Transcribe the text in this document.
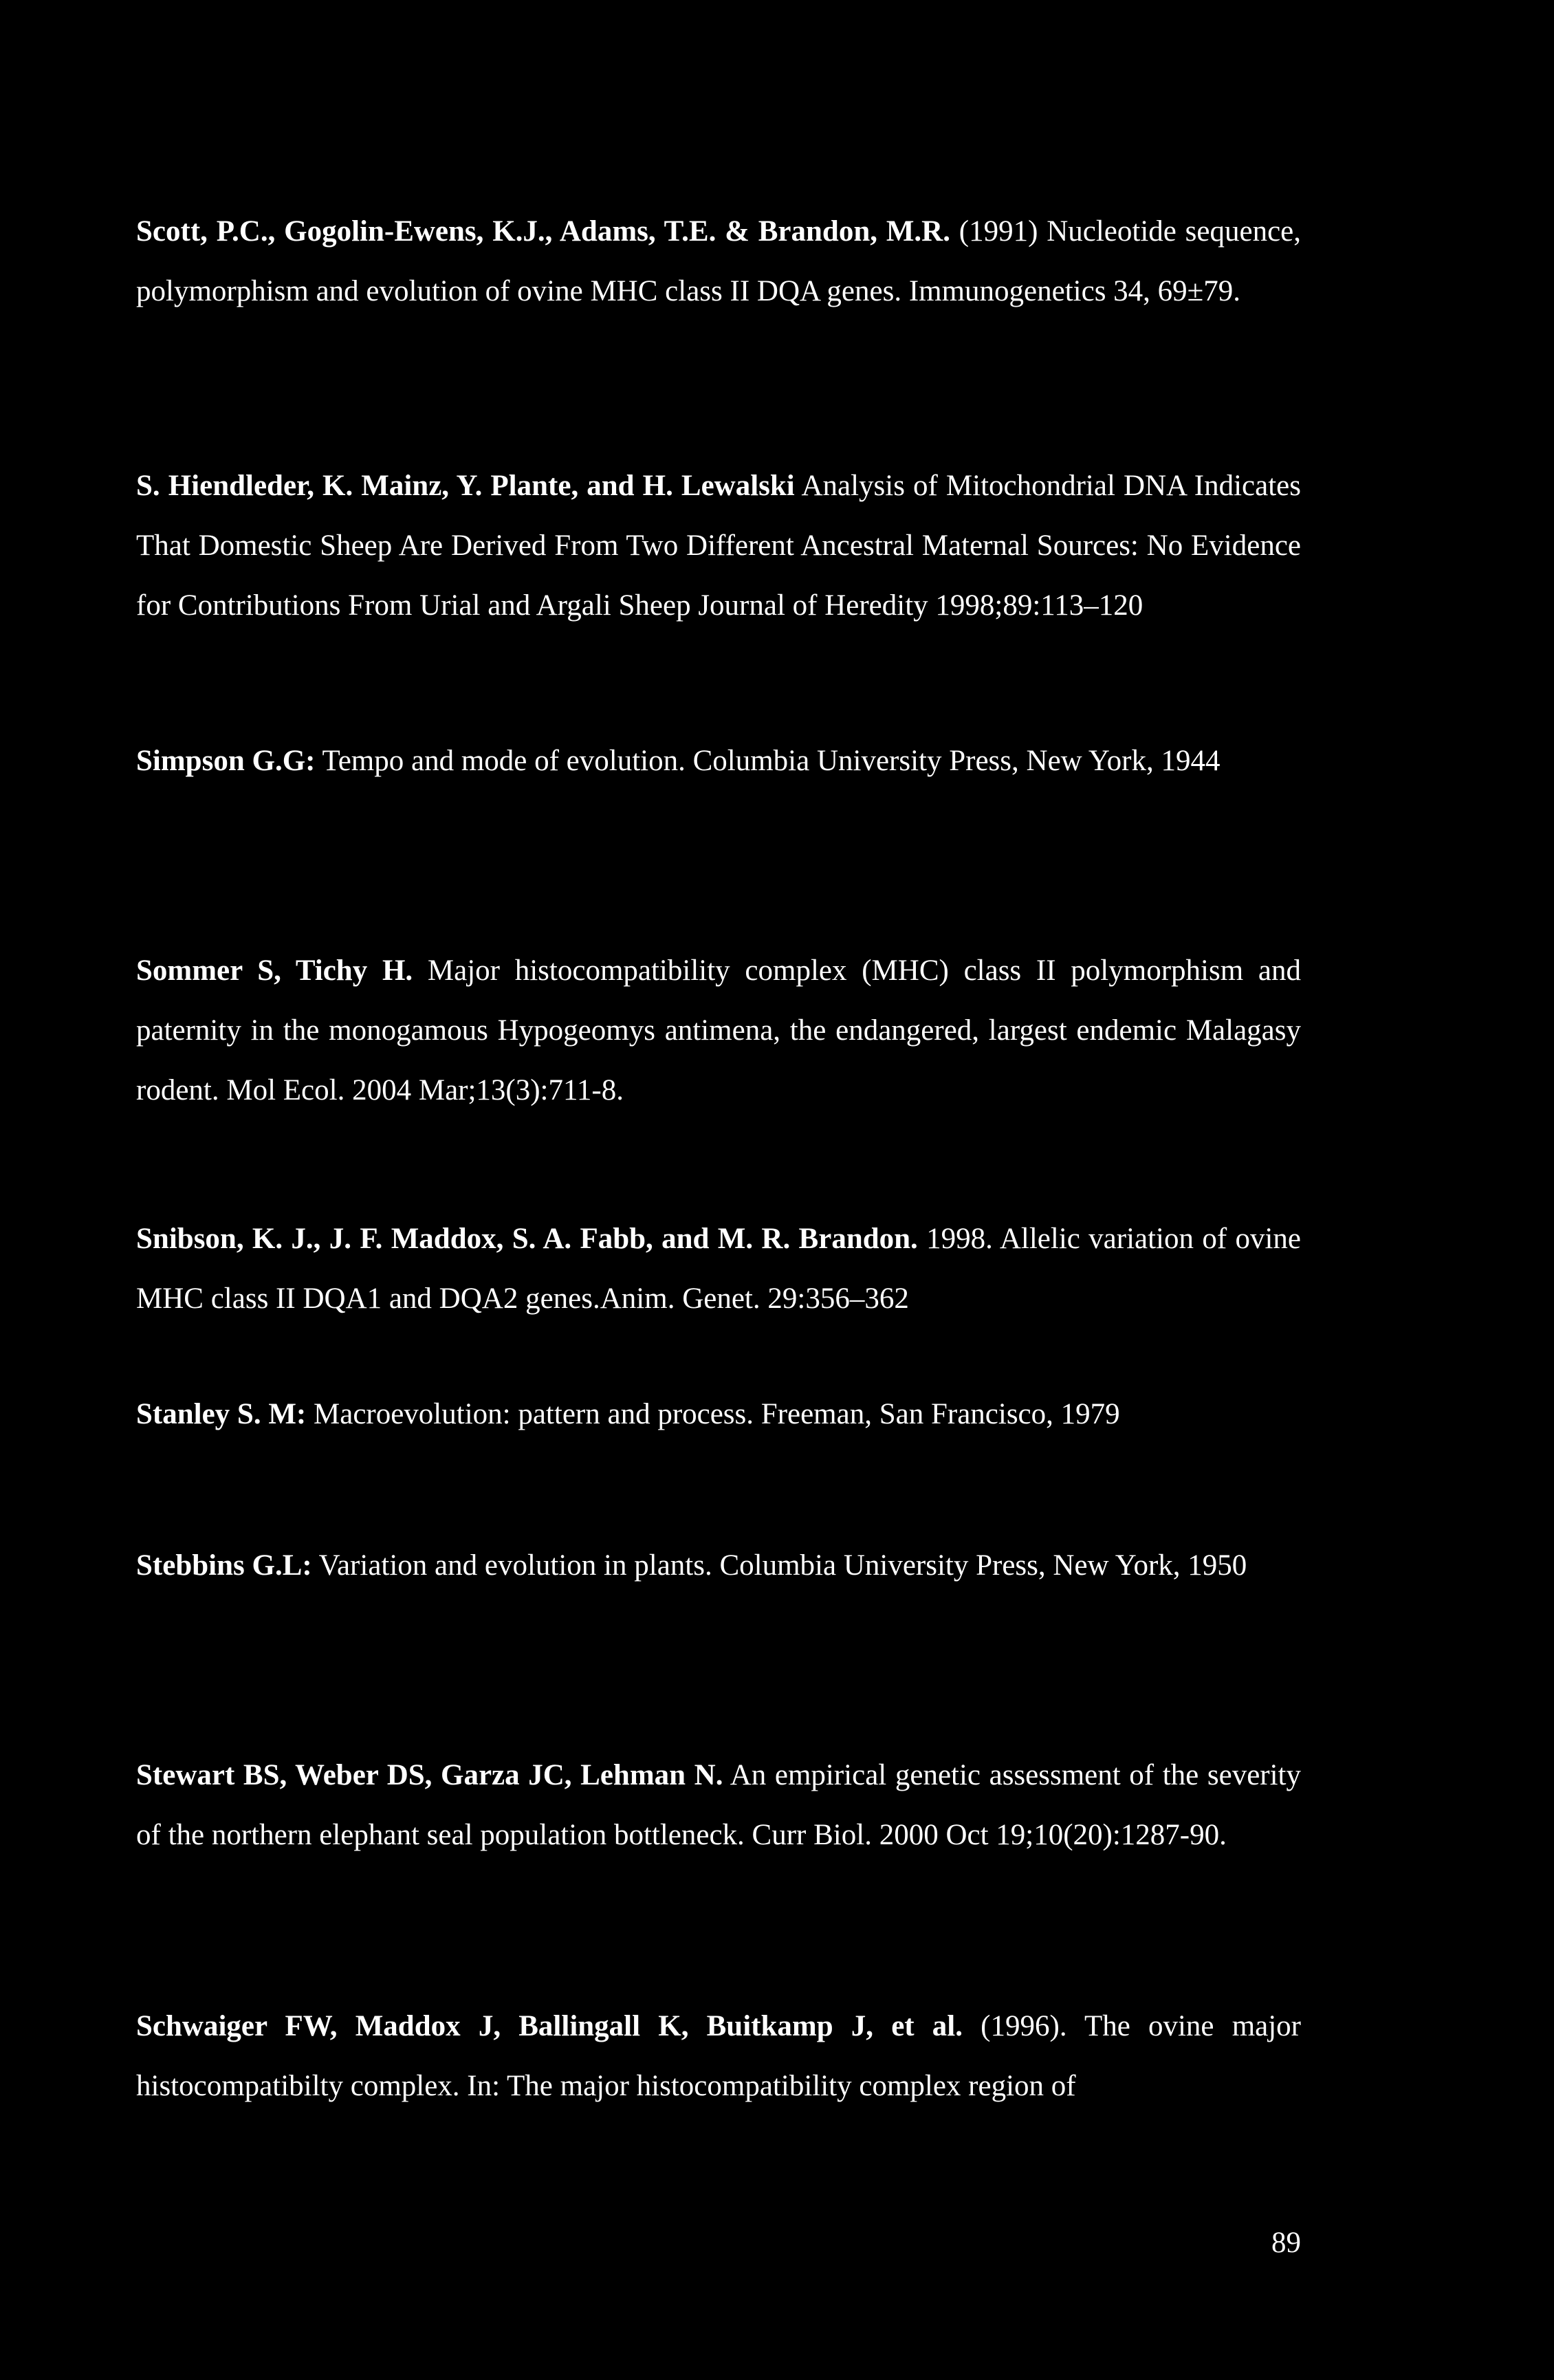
Scott, P.C., Gogolin-Ewens, K.J., Adams, T.E. & Brandon, M.R. (1991) Nucleotide sequence, polymorphism and evolution of ovine MHC class II DQA genes. Immunogenetics 34, 69±79.

S. Hiendleder, K. Mainz, Y. Plante, and H. Lewalski Analysis of Mitochondrial DNA Indicates That Domestic Sheep Are Derived From Two Different Ancestral Maternal Sources: No Evidence for Contributions From Urial and Argali Sheep Journal of Heredity 1998;89:113–120

Simpson G.G: Tempo and mode of evolution. Columbia University Press, New York, 1944

Sommer S, Tichy H. Major histocompatibility complex (MHC) class II polymorphism and paternity in the monogamous Hypogeomys antimena, the endangered, largest endemic Malagasy rodent. Mol Ecol. 2004 Mar;13(3):711-8.

Snibson, K. J., J. F. Maddox, S. A. Fabb, and M. R. Brandon. 1998. Allelic variation of ovine MHC class II DQA1 and DQA2 genes.Anim. Genet. 29:356–362

Stanley S. M: Macroevolution: pattern and process. Freeman, San Francisco, 1979

Stebbins G.L: Variation and evolution in plants. Columbia University Press, New York, 1950

Stewart BS, Weber DS, Garza JC, Lehman N. An empirical genetic assessment of the severity of the northern elephant seal population bottleneck. Curr Biol. 2000 Oct 19;10(20):1287-90.

Schwaiger FW, Maddox J, Ballingall K, Buitkamp J, et al. (1996). The ovine major histocompatibilty complex. In: The major histocompatibility complex region of

89
